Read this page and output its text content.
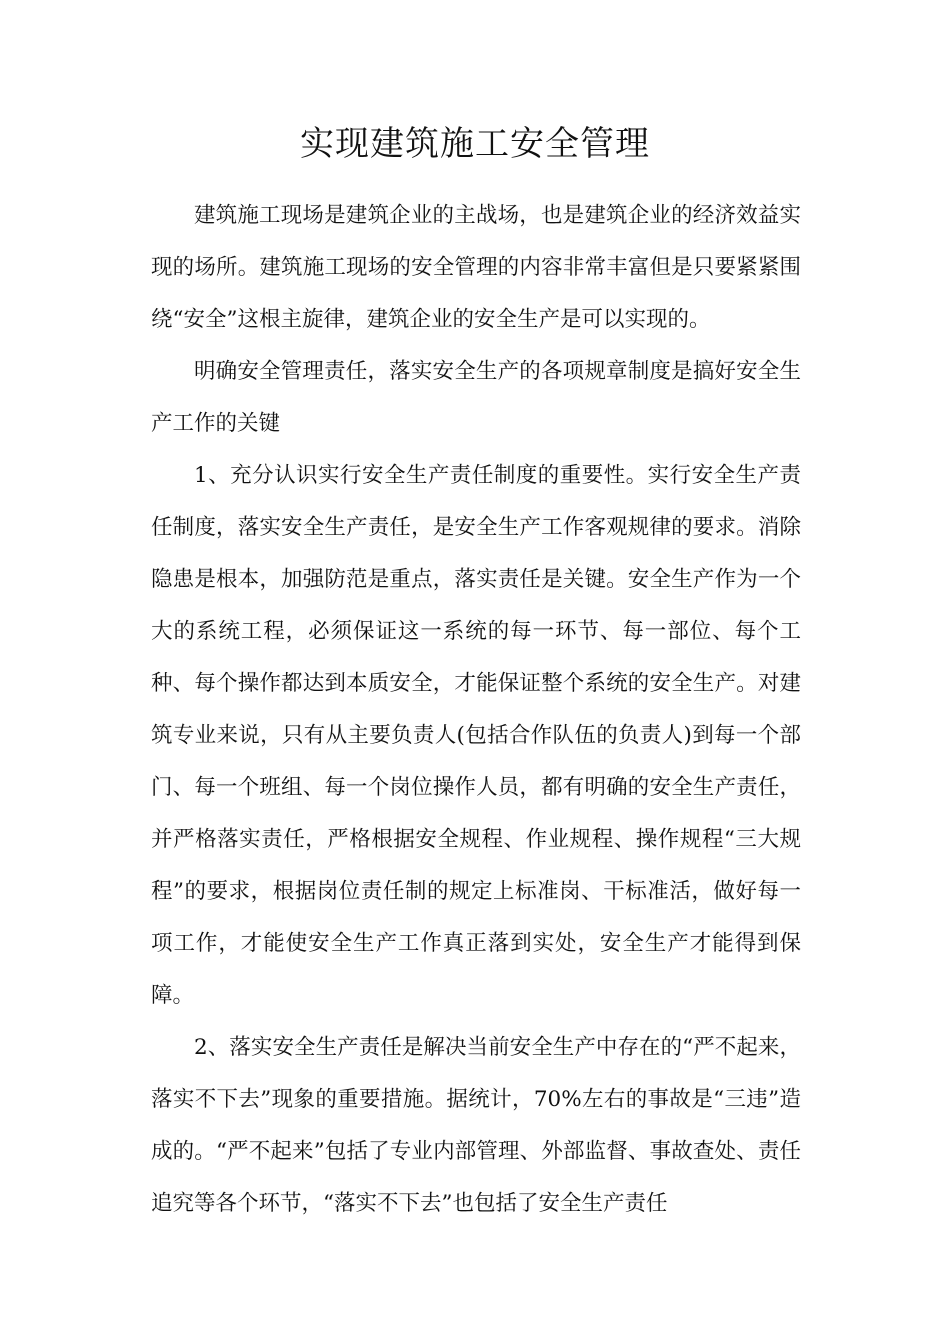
实现建筑施工安全管理

建筑施工现场是建筑企业的主战场，也是建筑企业的经济效益实现的场所。建筑施工现场的安全管理的内容非常丰富但是只要紧紧围绕“安全”这根主旋律，建筑企业的安全生产是可以实现的。

明确安全管理责任，落实安全生产的各项规章制度是搞好安全生产工作的关键

1、充分认识实行安全生产责任制度的重要性。实行安全生产责任制度，落实安全生产责任，是安全生产工作客观规律的要求。消除隐患是根本，加强防范是重点，落实责任是关键。安全生产作为一个大的系统工程，必须保证这一系统的每一环节、每一部位、每个工种、每个操作都达到本质安全，才能保证整个系统的安全生产。对建筑专业来说，只有从主要负责人(包括合作队伍的负责人)到每一个部门、每一个班组、每一个岗位操作人员，都有明确的安全生产责任，并严格落实责任，严格根据安全规程、作业规程、操作规程“三大规程”的要求，根据岗位责任制的规定上标准岗、干标准活，做好每一项工作，才能使安全生产工作真正落到实处，安全生产才能得到保障。

2、落实安全生产责任是解决当前安全生产中存在的“严不起来，落实不下去”现象的重要措施。据统计，70%左右的事故是“三违”造成的。“严不起来”包括了专业内部管理、外部监督、事故查处、责任追究等各个环节，“落实不下去”也包括了安全生产责任
